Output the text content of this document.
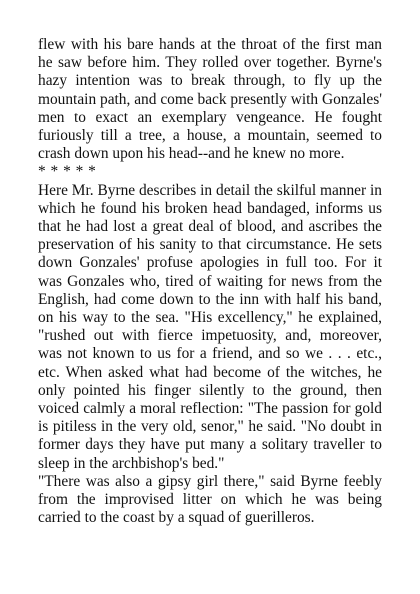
flew with his bare hands at the throat of the first man he saw before him. They rolled over together. Byrne's hazy intention was to break through, to fly up the mountain path, and come back presently with Gonzales' men to exact an exemplary vengeance. He fought furiously till a tree, a house, a mountain, seemed to crash down upon his head--and he knew no more.

* * * * *

Here Mr. Byrne describes in detail the skilful manner in which he found his broken head bandaged, informs us that he had lost a great deal of blood, and ascribes the preservation of his sanity to that circumstance. He sets down Gonzales' profuse apologies in full too. For it was Gonzales who, tired of waiting for news from the English, had come down to the inn with half his band, on his way to the sea. "His excellency," he explained, "rushed out with fierce impetuosity, and, moreover, was not known to us for a friend, and so we . . . etc., etc. When asked what had become of the witches, he only pointed his finger silently to the ground, then voiced calmly a moral reflection: "The passion for gold is pitiless in the very old, senor," he said. "No doubt in former days they have put many a solitary traveller to sleep in the archbishop's bed."

"There was also a gipsy girl there," said Byrne feebly from the improvised litter on which he was being carried to the coast by a squad of guerilleros.
